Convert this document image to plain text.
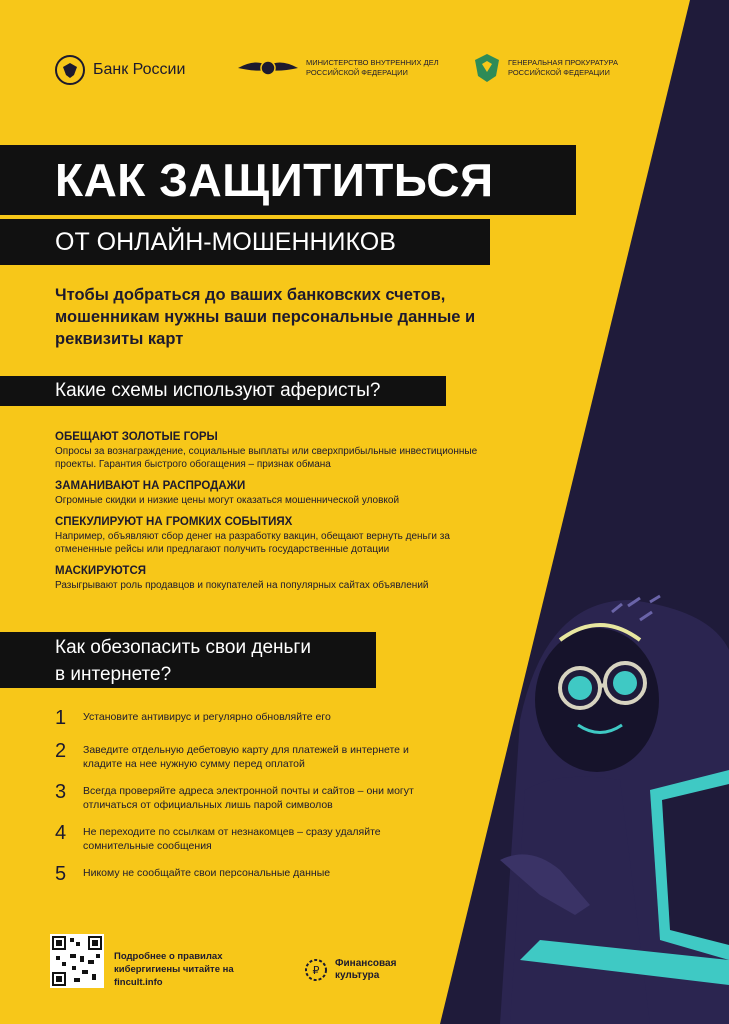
Банк России	МИНИСТЕРСТВО ВНУТРЕННИХ ДЕЛ РОССИЙСКОЙ ФЕДЕРАЦИИ
ГЕНЕРАЛЬНАЯ ПРОКУРАТУРА РОССИЙСКОЙ ФЕДЕРАЦИИ
КАК ЗАЩИТИТЬСЯ
ОТ ОНЛАЙН-МОШЕННИКОВ
Чтобы добраться до ваших банковских счетов, мошенникам нужны ваши персональные данные и реквизиты карт
Какие схемы используют аферисты?
ОБЕЩАЮТ ЗОЛОТЫЕ ГОРЫ
Опросы за вознаграждение, социальные выплаты или сверхприбыльные инвестиционные проекты. Гарантия быстрого обогащения – признак обмана
ЗАМАНИВАЮТ НА РАСПРОДАЖИ
Огромные скидки и низкие цены могут оказаться мошеннической уловкой
СПЕКУЛИРУЮТ НА ГРОМКИХ СОБЫТИЯХ
Например, объявляют сбор денег на разработку вакцин, обещают вернуть деньги за отмененные рейсы или предлагают получить государственные дотации
МАСКИРУЮТСЯ
Разыгрывают роль продавцов и покупателей на популярных сайтах объявлений
Как обезопасить свои деньги
в интернете?
1	Установите антивирус и регулярно обновляйте его
2	Заведите отдельную дебетовую карту для платежей в интернете и кладите на нее нужную сумму перед оплатой
3	Всегда проверяйте адреса электронной почты и сайтов – они могут отличаться от официальных лишь парой символов
4	Не переходите по ссылкам от незнакомцев – сразу удаляйте сомнительные сообщения
5	Никому не сообщайте свои персональные данные
Подробнее о правилах кибергигиены читайте на fincult.info
₽
Финансовая культура
